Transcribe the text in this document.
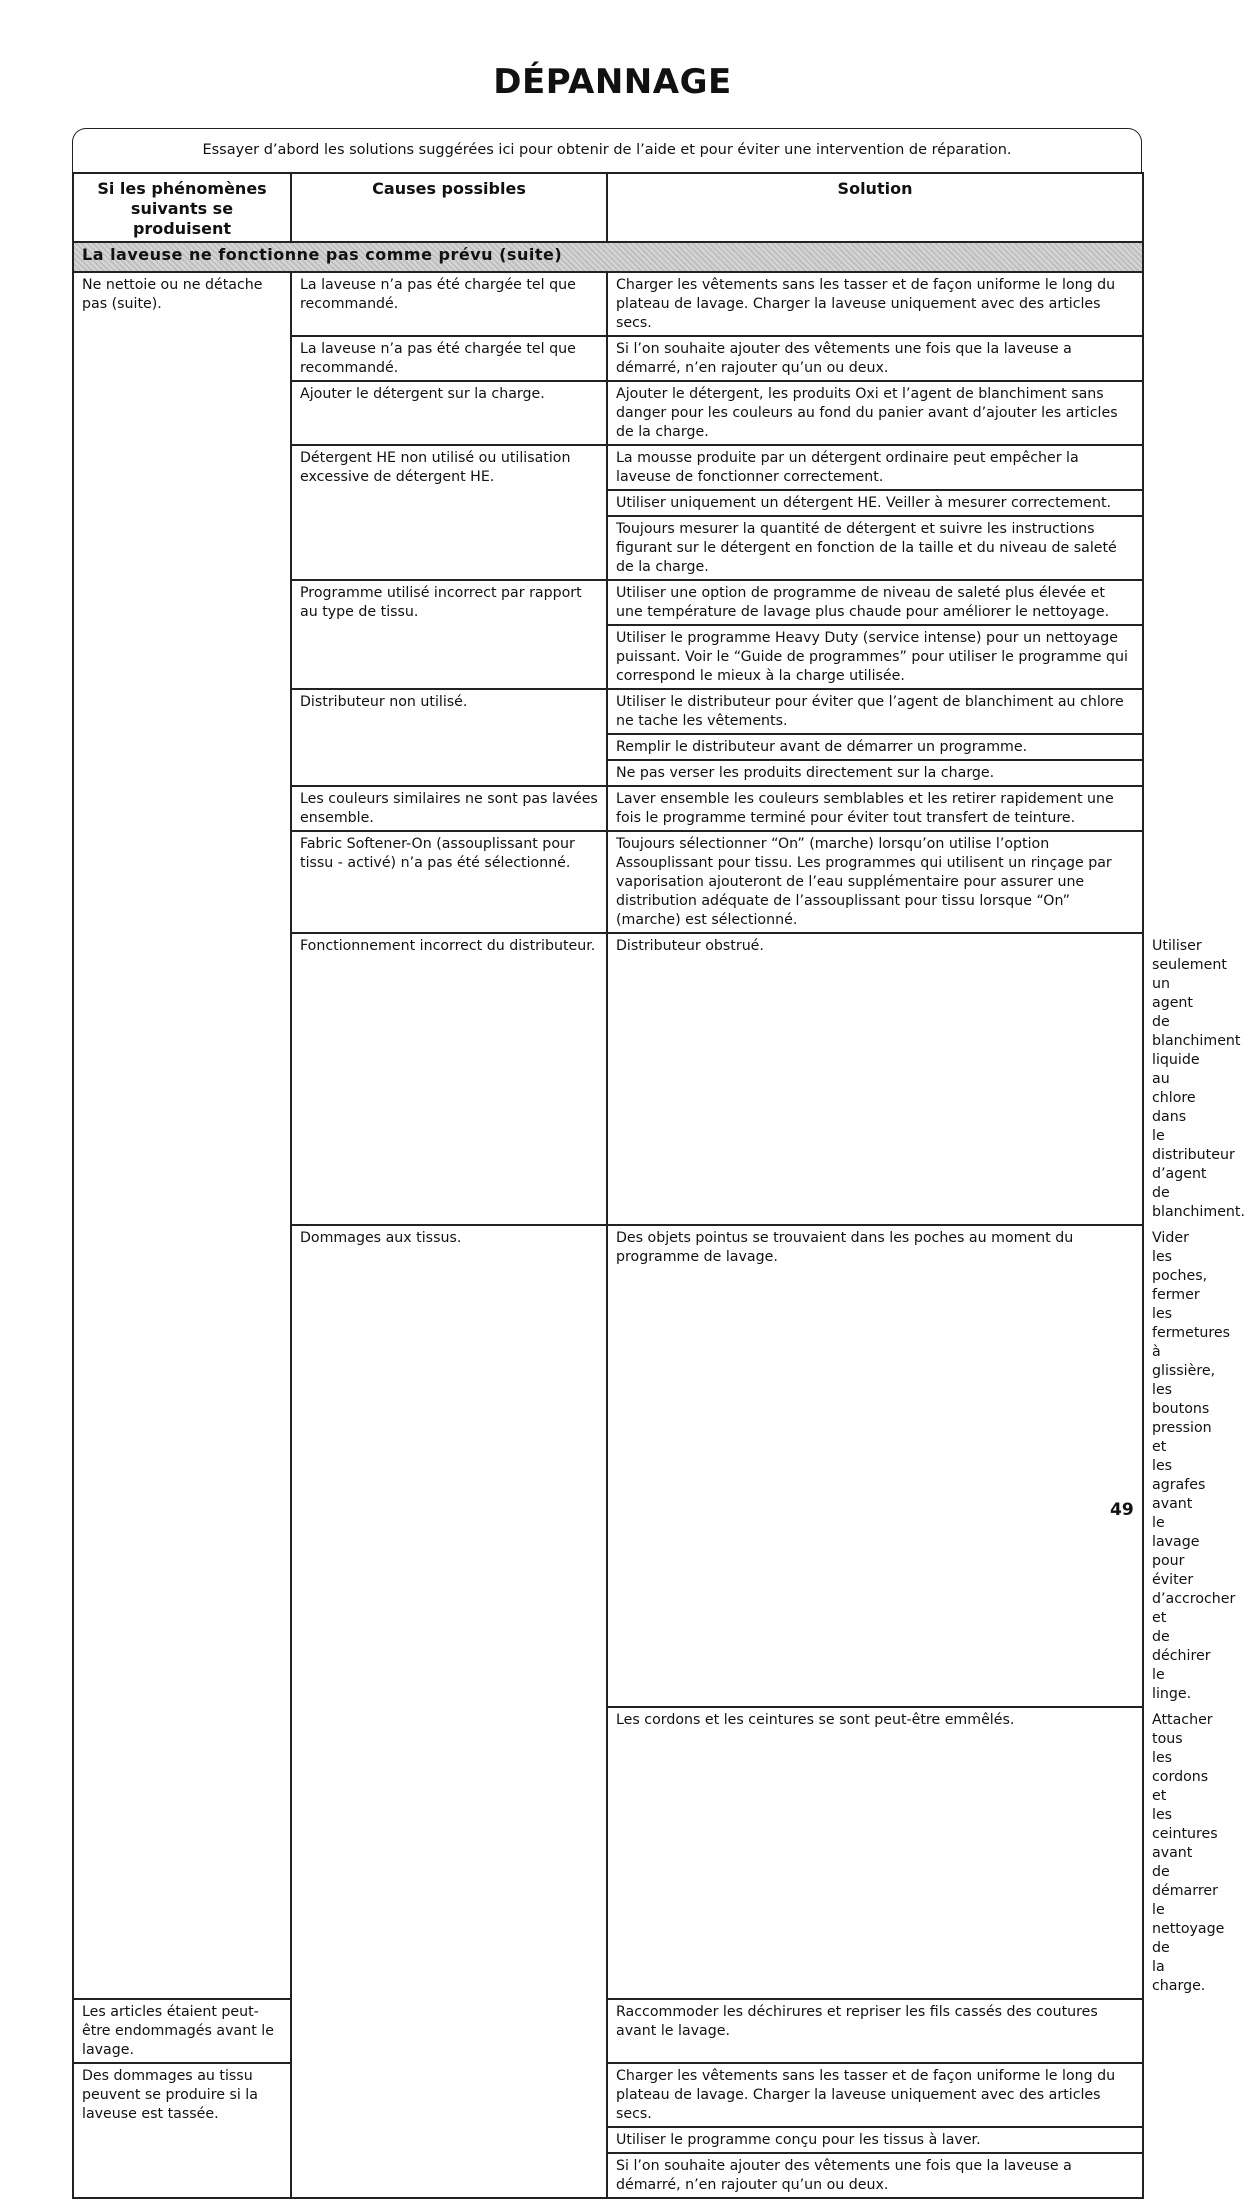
DÉPANNAGE
Essayer d’abord les solutions suggérées ici pour obtenir de l’aide et pour éviter une intervention de réparation.
Si les phénomènes suivants se produisent	Causes possibles	Solution	
La laveuse ne fonctionne pas comme prévu (suite)			
Ne nettoie ou ne détache pas (suite).	La laveuse n’a pas été chargée tel que recommandé.	Charger les vêtements sans les tasser et de façon uniforme le long du plateau de lavage. Charger la laveuse uniquement avec des articles secs.	
	La laveuse n’a pas été chargée tel que recommandé.	Si l’on souhaite ajouter des vêtements une fois que la laveuse a démarré, n’en rajouter qu’un ou deux.	
	Ajouter le détergent sur la charge.	Ajouter le détergent, les produits Oxi et l’agent de blanchiment sans danger pour les couleurs au fond du panier avant d’ajouter les articles de la charge.	
	Détergent HE non utilisé ou utilisation excessive de détergent HE.	La mousse produite par un détergent ordinaire peut empêcher la laveuse de fonctionner correctement.	
		Utiliser uniquement un détergent HE. Veiller à mesurer correctement.	
		Toujours mesurer la quantité de détergent et suivre les instructions figurant sur le détergent en fonction de la taille et du niveau de saleté de la charge.	
	Programme utilisé incorrect par rapport au type de tissu.	Utiliser une option de programme de niveau de saleté plus élevée et une température de lavage plus chaude pour améliorer le nettoyage.	
		Utiliser le programme Heavy Duty (service intense) pour un nettoyage puissant. Voir le “Guide de programmes” pour utiliser le programme qui correspond le mieux à la charge utilisée.	
	Distributeur non utilisé.	Utiliser le distributeur pour éviter que l’agent de blanchiment au chlore ne tache les vêtements.	
		Remplir le distributeur avant de démarrer un programme.	
		Ne pas verser les produits directement sur la charge.	
	Les couleurs similaires ne sont pas lavées ensemble.	Laver ensemble les couleurs semblables et les retirer rapidement une fois le programme terminé pour éviter tout transfert de teinture.	
	Fabric Softener-On (assouplissant pour tissu - activé) n’a pas été sélectionné.	Toujours sélectionner “On” (marche) lorsqu’on utilise l’option Assouplissant pour tissu. Les programmes qui utilisent un rinçage par vaporisation ajouteront de l’eau supplémentaire pour assurer une distribution adéquate de l’assouplissant pour tissu lorsque “On” (marche) est sélectionné.	
	Fonctionnement incorrect du distributeur.	Distributeur obstrué.	Utiliser seulement un agent de blanchiment liquide au chlore dans le distributeur d’agent de blanchiment.
	Dommages aux tissus.	Des objets pointus se trouvaient dans les poches au moment du programme de lavage.	Vider les poches, fermer les fermetures à glissière, les boutons pression et les agrafes avant le lavage pour éviter d’accrocher et de déchirer le linge.
		Les cordons et les ceintures se sont peut-être emmêlés.	Attacher tous les cordons et les ceintures avant de démarrer le nettoyage de la charge.
Les articles étaient peut-être endommagés avant le lavage.		Raccommoder les déchirures et repriser les fils cassés des coutures avant le lavage.	
Des dommages au tissu peuvent se produire si la laveuse est tassée.		Charger les vêtements sans les tasser et de façon uniforme le long du plateau de lavage. Charger la laveuse uniquement avec des articles secs.	
		Utiliser le programme conçu pour les tissus à laver.	
		Si l’on souhaite ajouter des vêtements une fois que la laveuse a démarré, n’en rajouter qu’un ou deux.	
49
